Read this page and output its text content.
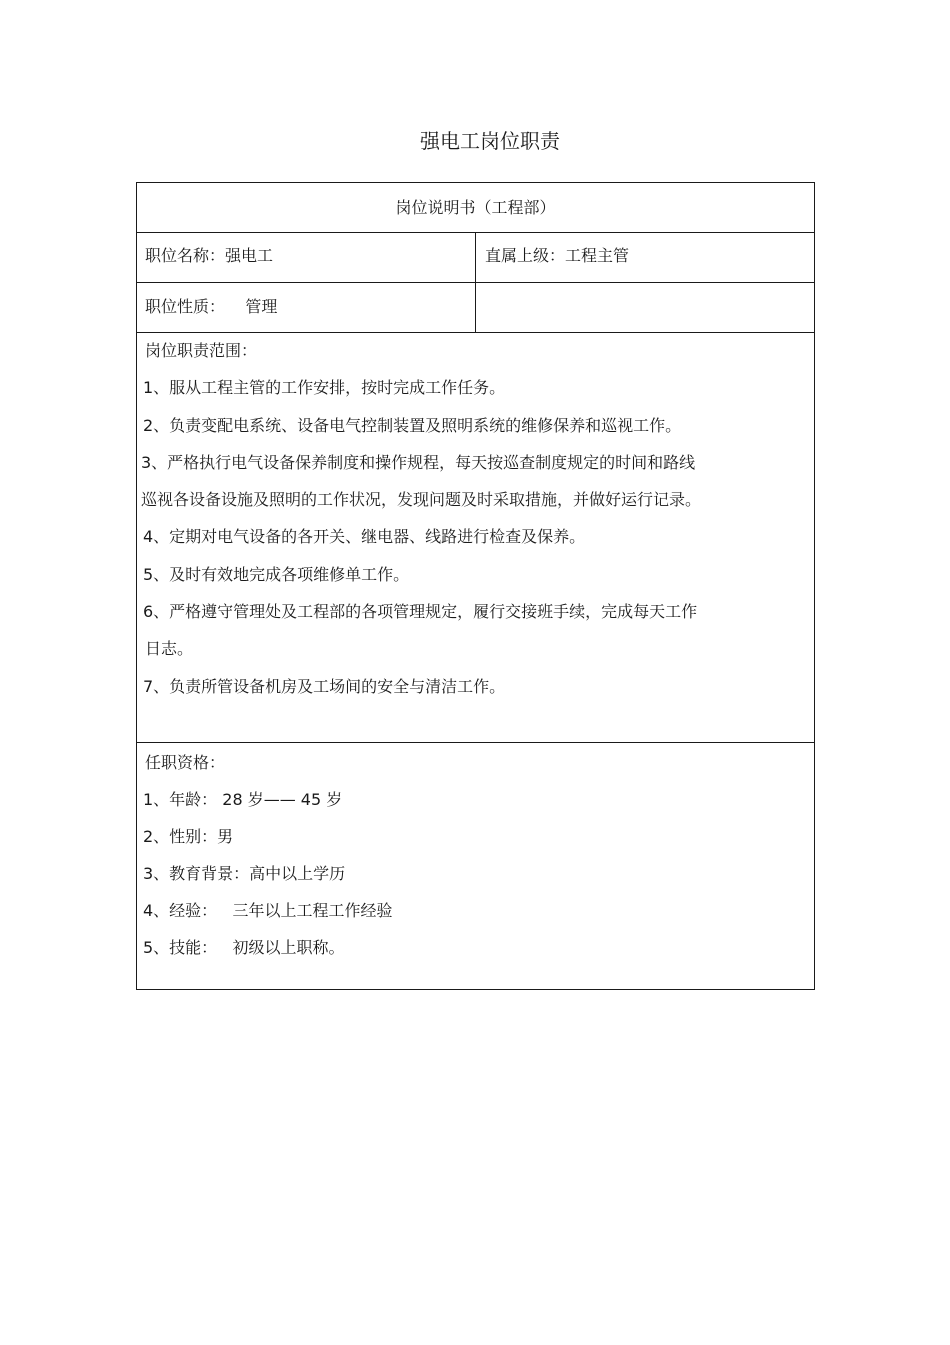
强电工岗位职责
岗位说明书（工程部）
职位名称：强电工	直属上级：工程主管
职位性质：    管理
岗位职责范围：
1、服从工程主管的工作安排，按时完成工作任务。
2、负责变配电系统、设备电气控制装置及照明系统的维修保养和巡视工作。
3、严格执行电气设备保养制度和操作规程，每天按巡查制度规定的时间和路线
巡视各设备设施及照明的工作状况，发现问题及时采取措施，并做好运行记录。
4、定期对电气设备的各开关、继电器、线路进行检查及保养。
5、及时有效地完成各项维修单工作。
6、严格遵守管理处及工程部的各项管理规定，履行交接班手续，完成每天工作
日志。
7、负责所管设备机房及工场间的安全与清洁工作。
任职资格：
1、年龄： 28 岁—— 45 岁
2、性别：男
3、教育背景：高中以上学历
4、经验：   三年以上工程工作经验
5、技能：   初级以上职称。
